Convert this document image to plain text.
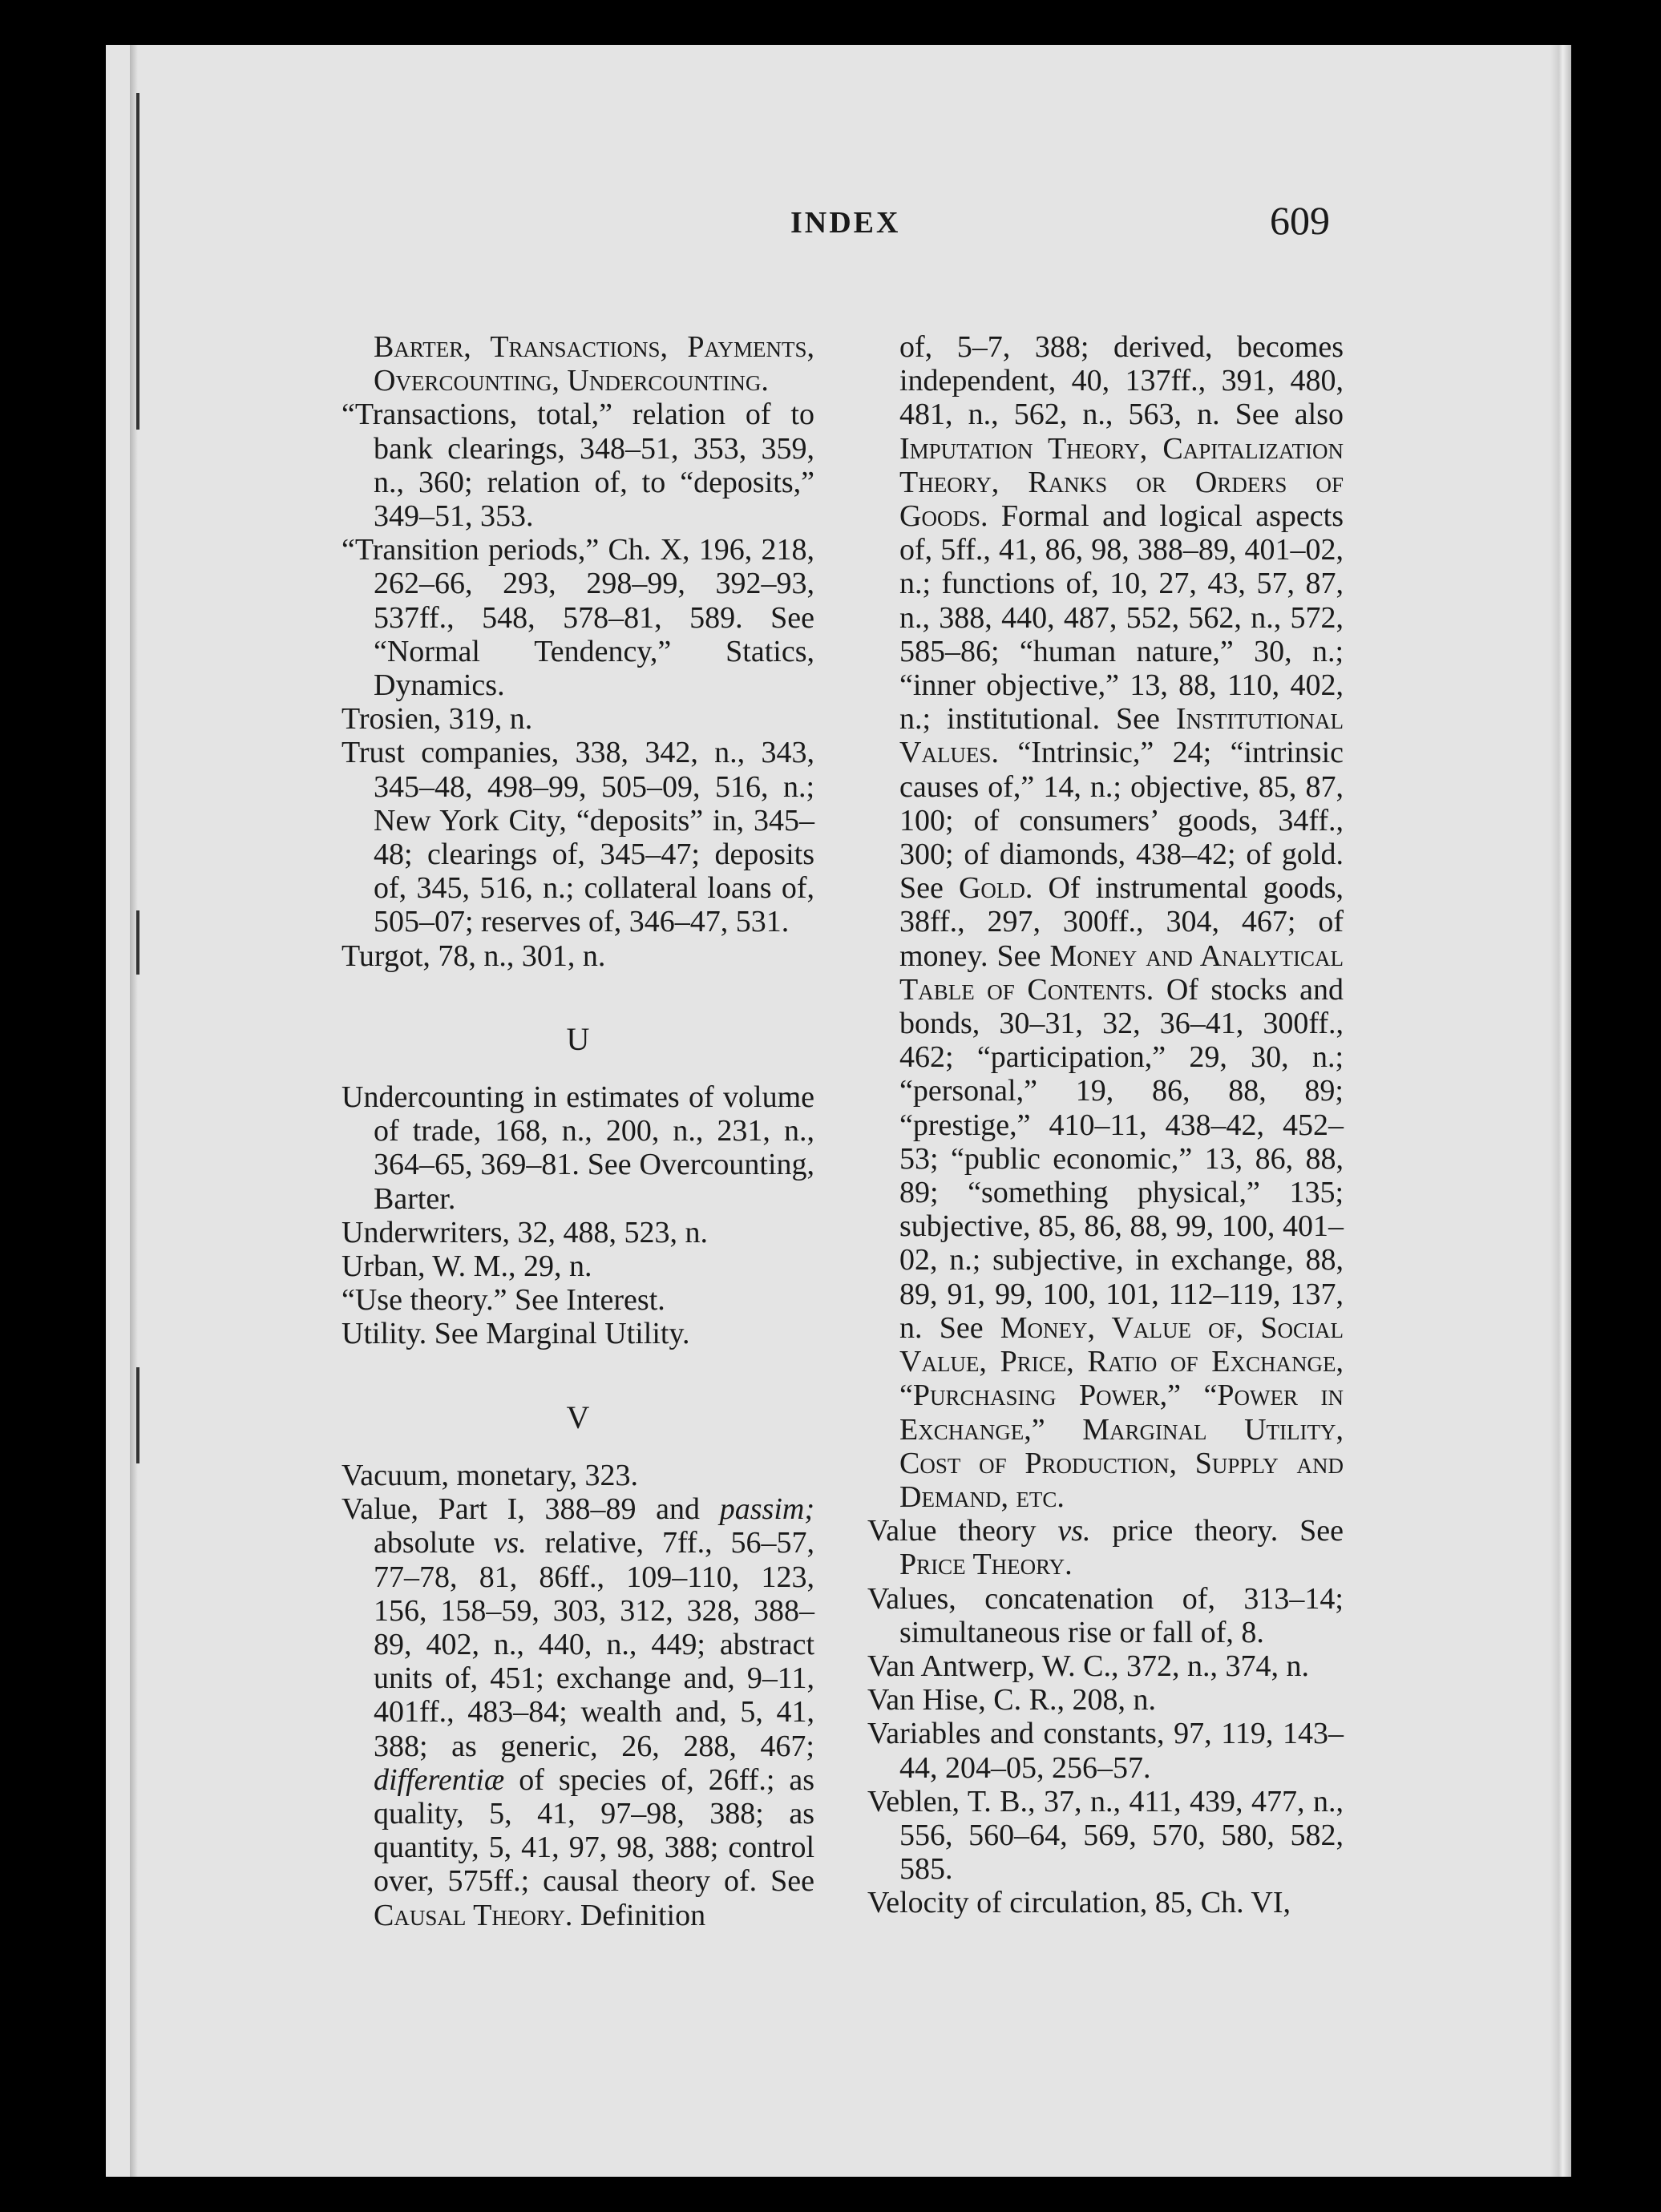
INDEX	609

Barter, Transactions, Payments, Overcounting, Undercounting.

“Transactions, total,” relation of to bank clearings, 348–51, 353, 359, n., 360; relation of, to “deposits,” 349–51, 353.

“Transition periods,” Ch. X, 196, 218, 262–66, 293, 298–99, 392–93, 537ff., 548, 578–81, 589. See “Normal Tendency,” Statics, Dynamics.

Trosien, 319, n.

Trust companies, 338, 342, n., 343, 345–48, 498–99, 505–09, 516, n.; New York City, “deposits” in, 345–48; clearings of, 345–47; deposits of, 345, 516, n.; collateral loans of, 505–07; reserves of, 346–47, 531.

Turgot, 78, n., 301, n.

U

Undercounting in estimates of volume of trade, 168, n., 200, n., 231, n., 364–65, 369–81. See Overcounting, Barter.

Underwriters, 32, 488, 523, n.

Urban, W. M., 29, n.

“Use theory.” See Interest.

Utility. See Marginal Utility.

V

Vacuum, monetary, 323.

Value, Part I, 388–89 and passim; absolute vs. relative, 7ff., 56–57, 77–78, 81, 86ff., 109–110, 123, 156, 158–59, 303, 312, 328, 388–89, 402, n., 440, n., 449; abstract units of, 451; exchange and, 9–11, 401ff., 483–84; wealth and, 5, 41, 388; as generic, 26, 288, 467; differentiæ of species of, 26ff.; as quality, 5, 41, 97–98, 388; as quantity, 5, 41, 97, 98, 388; control over, 575ff.; causal theory of. See Causal Theory. Definition

of, 5–7, 388; derived, becomes independent, 40, 137ff., 391, 480, 481, n., 562, n., 563, n. See also Imputation Theory, Capitalization Theory, Ranks or Orders of Goods. Formal and logical aspects of, 5ff., 41, 86, 98, 388–89, 401–02, n.; functions of, 10, 27, 43, 57, 87, n., 388, 440, 487, 552, 562, n., 572, 585–86; “human nature,” 30, n.; “inner objective,” 13, 88, 110, 402, n.; institutional. See Institutional Values. “Intrinsic,” 24; “intrinsic causes of,” 14, n.; objective, 85, 87, 100; of consumers’ goods, 34ff., 300; of diamonds, 438–42; of gold. See Gold. Of instrumental goods, 38ff., 297, 300ff., 304, 467; of money. See Money and Analytical Table of Contents. Of stocks and bonds, 30–31, 32, 36–41, 300ff., 462; “participation,” 29, 30, n.; “personal,” 19, 86, 88, 89; “prestige,” 410–11, 438–42, 452–53; “public economic,” 13, 86, 88, 89; “something physical,” 135; subjective, 85, 86, 88, 99, 100, 401–02, n.; subjective, in exchange, 88, 89, 91, 99, 100, 101, 112–119, 137, n. See Money, Value of, Social Value, Price, Ratio of Exchange, “Purchasing Power,” “Power in Exchange,” Marginal Utility, Cost of Production, Supply and Demand, etc.

Value theory vs. price theory. See Price Theory.

Values, concatenation of, 313–14; simultaneous rise or fall of, 8.

Van Antwerp, W. C., 372, n., 374, n.

Van Hise, C. R., 208, n.

Variables and constants, 97, 119, 143–44, 204–05, 256–57.

Veblen, T. B., 37, n., 411, 439, 477, n., 556, 560–64, 569, 570, 580, 582, 585.

Velocity of circulation, 85, Ch. VI,
